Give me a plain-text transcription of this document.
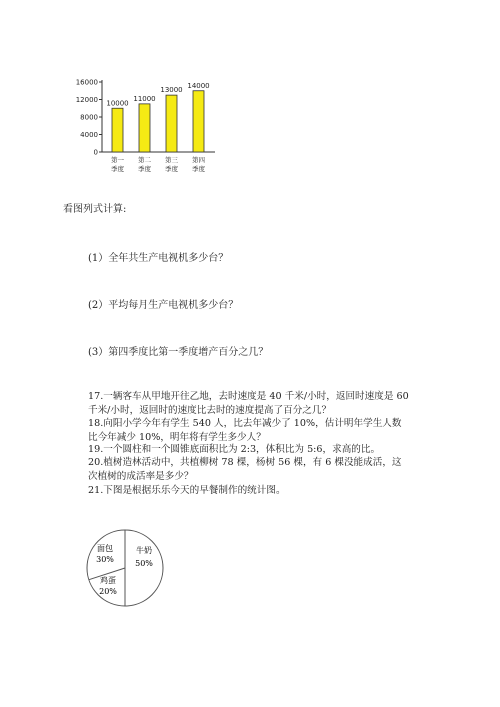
0
4000
8000
12000
16000
10000
第一
季度
11000
第二
季度
13000
第三
季度
14000
第四
季度
看图列式计算:
(1）全年共生产电视机多少台？
(2）平均每月生产电视机多少台？
(3）第四季度比第一季度增产百分之几？
17.一辆客车从甲地开往乙地，去时速度是 40 千米/小时，返回时速度是 60 千米/小时，返回时的速度比去时的速度提高了百分之几？
18.向阳小学今年有学生 540 人，比去年减少了 10%，估计明年学生人数比今年减少 10%，明年将有学生多少人？
19.一个圆柱和一个圆锥底面积比为 2:3，体积比为 5:6，求高的比。
20.植树造林活动中，共植柳树 78 棵，杨树 56 棵，有 6 棵没能成活，这次植树的成活率是多少？
21.下图是根据乐乐今天的早餐制作的统计图。
面包
30%
牛奶
50%
鸡蛋
20%
